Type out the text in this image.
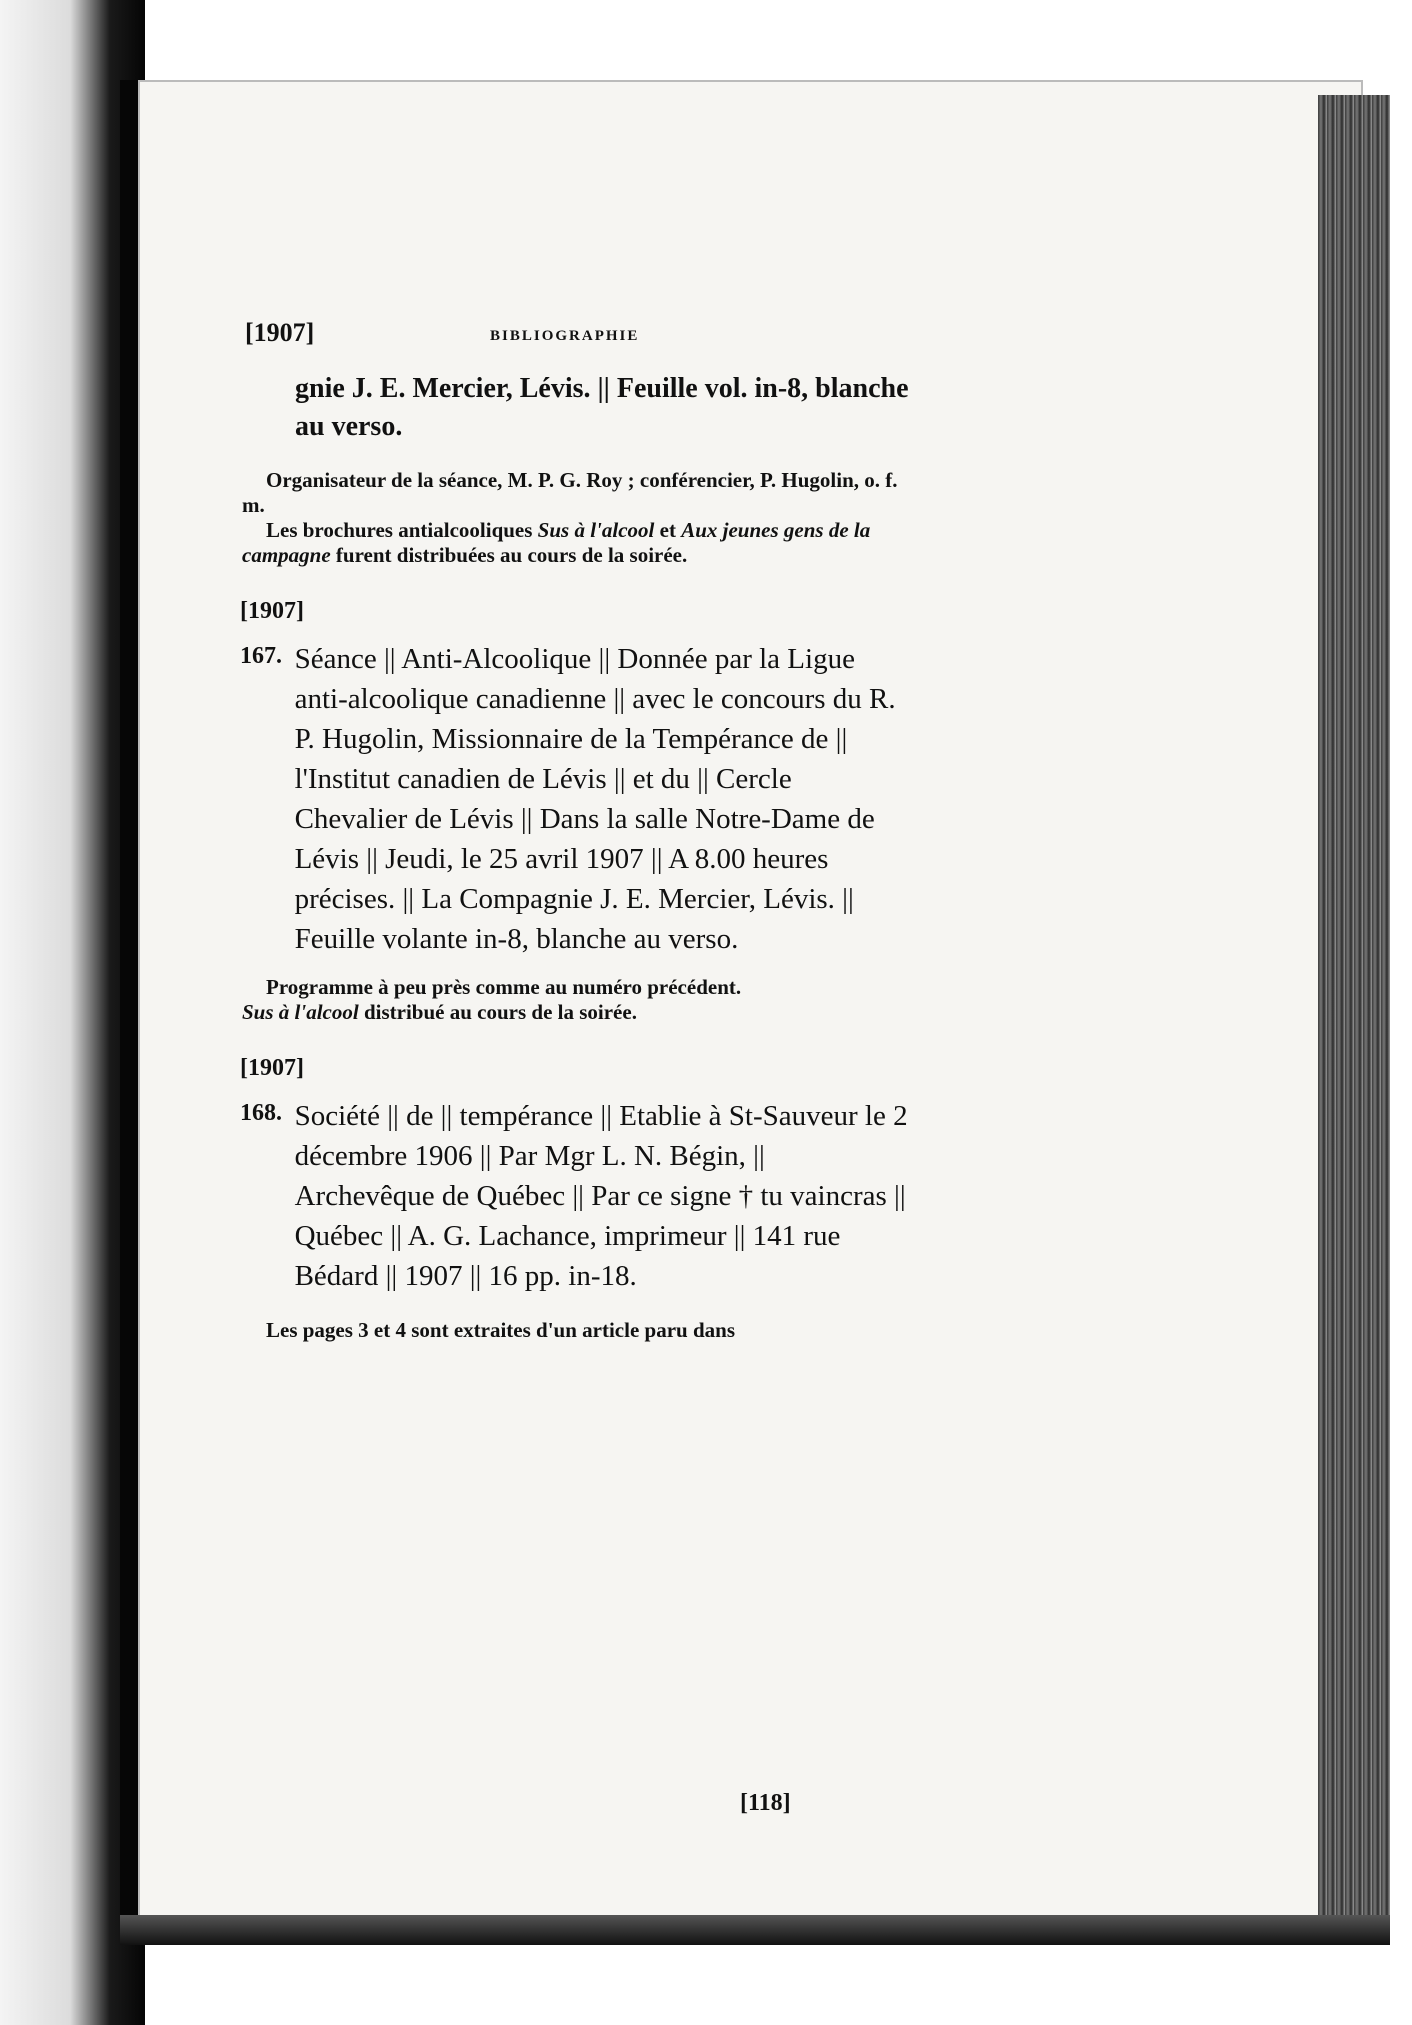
[1907]	BIBLIOGRAPHIE
gnie J. E. Mercier, Lévis. || Feuille vol. in-8, blanche au verso.
Organisateur de la séance, M. P. G. Roy ; conférencier, P. Hugolin, o. f. m.
Les brochures antialcooliques Sus à l'alcool et Aux jeunes gens de la campagne furent distribuées au cours de la soirée.
[1907]
167. Séance || Anti-Alcoolique || Donnée par la Ligue anti-alcoolique canadienne || avec le concours du R. P. Hugolin, Missionnaire de la Tempérance de || l'Institut canadien de Lévis || et du || Cercle Chevalier de Lévis || Dans la salle Notre-Dame de Lévis || Jeudi, le 25 avril 1907 || A 8.00 heures précises. || La Compagnie J. E. Mercier, Lévis. || Feuille volante in-8, blanche au verso.
Programme à peu près comme au numéro précédent.
Sus à l'alcool distribué au cours de la soirée.
[1907]
168. Société || de || tempérance || Etablie à St-Sauveur le 2 décembre 1906 || Par Mgr L. N. Bégin, || Archevêque de Québec || Par ce signe † tu vaincras || Québec || A. G. Lachance, imprimeur || 141 rue Bédard || 1907 || 16 pp. in-18.
Les pages 3 et 4 sont extraites d'un article paru dans
[118]
